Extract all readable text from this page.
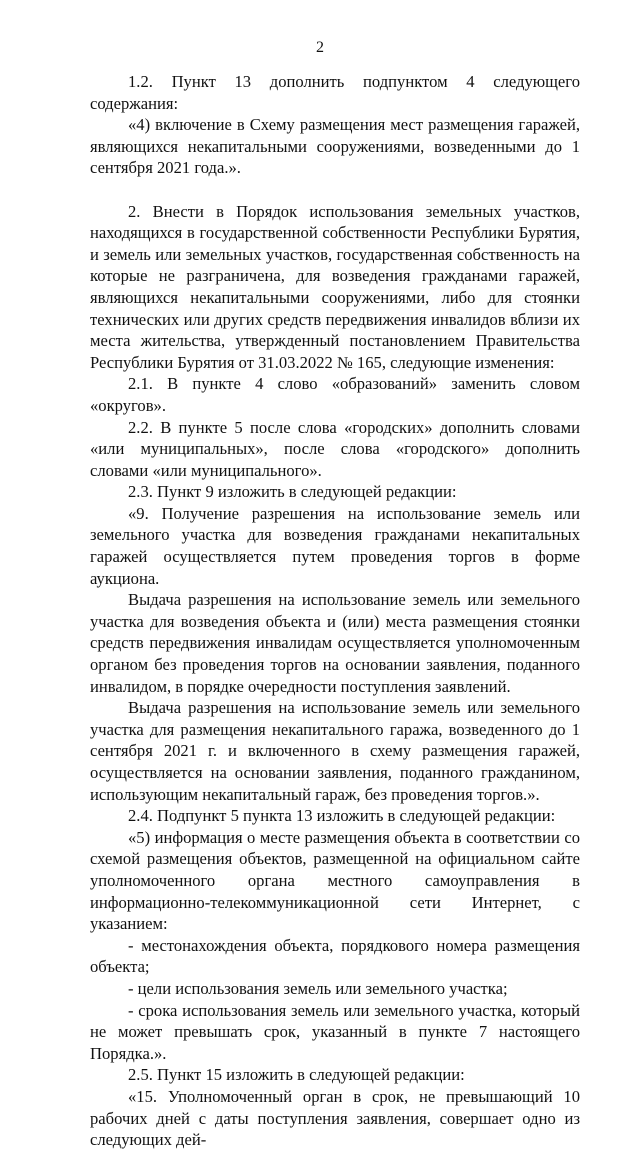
2

1.2. Пункт 13 дополнить подпунктом 4 следующего содержания:

«4) включение в Схему размещения мест размещения гаражей, являющихся некапитальными сооружениями, возведенными до 1 сентября 2021 года.».

2. Внести в Порядок использования земельных участков, находящихся в государственной собственности Республики Бурятия, и земель или земельных участков, государственная собственность на которые не разграничена, для возведения гражданами гаражей, являющихся некапитальными сооружениями, либо для стоянки технических или других средств передвижения инвалидов вблизи их места жительства, утвержденный постановлением Правительства Республики Бурятия от 31.03.2022 № 165, следующие изменения:

2.1. В пункте 4 слово «образований» заменить словом «округов».

2.2. В пункте 5 после слова «городских» дополнить словами «или муниципальных», после слова «городского» дополнить словами «или муниципального».

2.3. Пункт 9 изложить в следующей редакции:

«9. Получение разрешения на использование земель или земельного участка для возведения гражданами некапитальных гаражей осуществляется путем проведения торгов в форме аукциона.

Выдача разрешения на использование земель или земельного участка для возведения объекта и (или) места размещения стоянки средств передвижения инвалидам осуществляется уполномоченным органом без проведения торгов на основании заявления, поданного инвалидом, в порядке очередности поступления заявлений.

Выдача разрешения на использование земель или земельного участка для размещения некапитального гаража, возведенного до 1 сентября 2021 г. и включенного в схему размещения гаражей, осуществляется на основании заявления, поданного гражданином, использующим некапитальный гараж, без проведения торгов.».

2.4. Подпункт 5 пункта 13 изложить в следующей редакции:

«5) информация о месте размещения объекта в соответствии со схемой размещения объектов, размещенной на официальном сайте уполномоченного органа местного самоуправления в информационно-телекоммуникационной сети Интернет, с указанием:

- местонахождения объекта, порядкового номера размещения объекта;

- цели использования земель или земельного участка;

- срока использования земель или земельного участка, который не может превышать срок, указанный в пункте 7 настоящего Порядка.».

2.5. Пункт 15 изложить в следующей редакции:

«15. Уполномоченный орган в срок, не превышающий 10 рабочих дней с даты поступления заявления, совершает одно из следующих дей-
